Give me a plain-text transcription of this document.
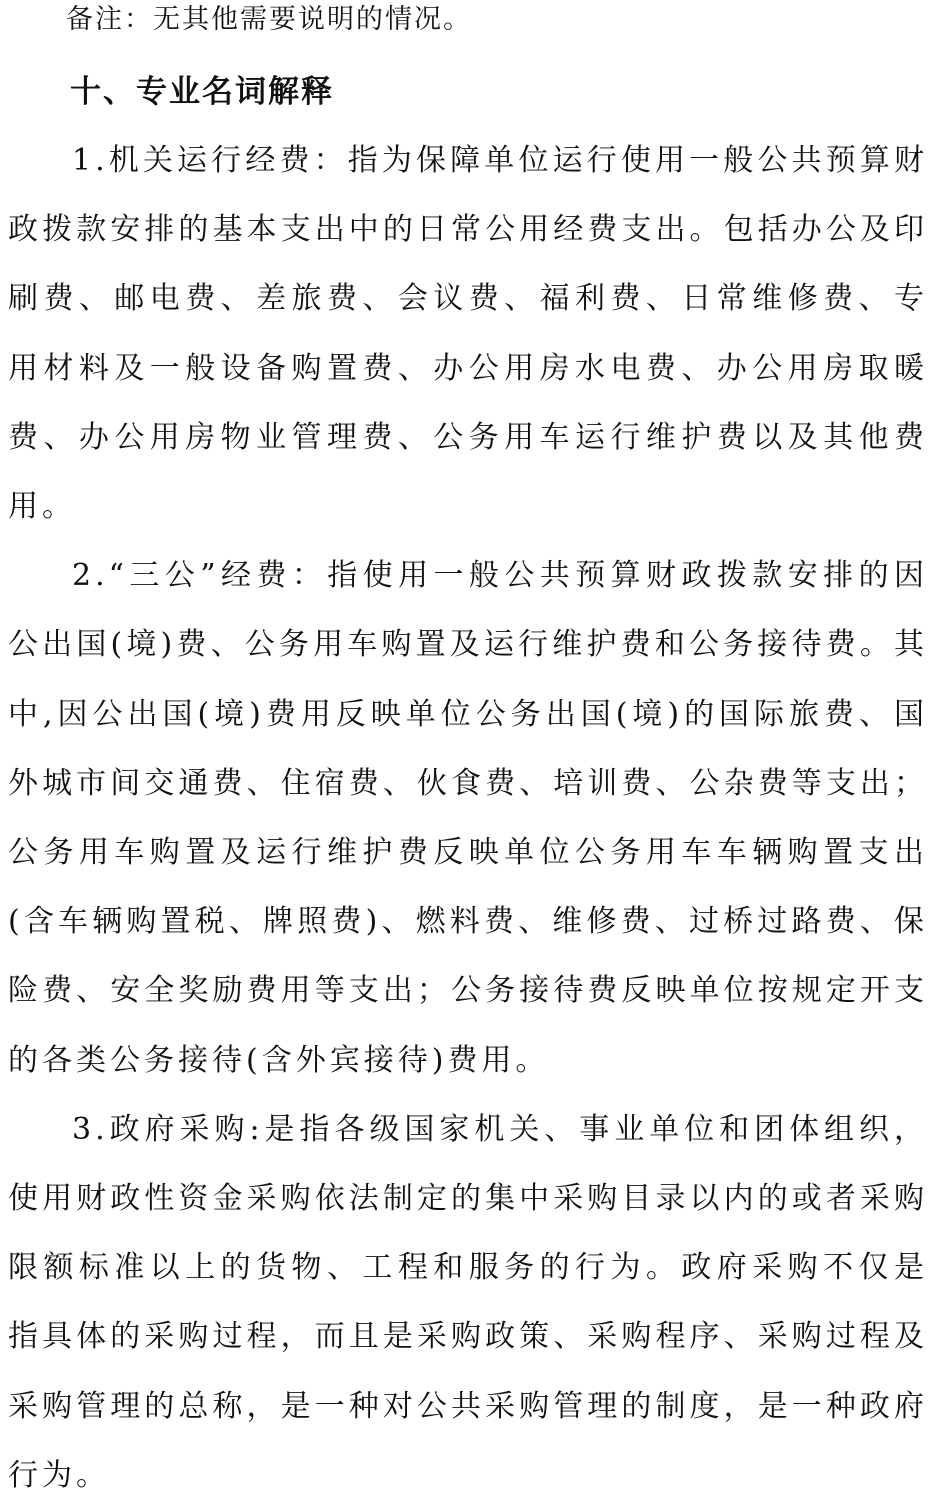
备注：无其他需要说明的情况。
十、专业名词解释

1.机关运行经费：指为保障单位运行使用一般公共预算财政拨款安排的基本支出中的日常公用经费支出。包括办公及印刷费、邮电费、差旅费、会议费、福利费、日常维修费、专 用材料及一般设备购置费、办公用房水电费、办公用房取暖费、办公用房物业管理费、公务用车运行维护费以及其他费用。

2.“三公”经费：指使用一般公共预算财政拨款安排的因公出国(境)费、公务用车购置及运行维护费和公务接待费。其中,因公出国(境)费用反映单位公务出国(境)的国际旅费、国外城市间交通费、住宿费、伙食费、培训费、公杂费等支出；公务用车购置及运行维护费反映单位公务用车车辆购置支出(含车辆购置税、牌照费)、燃料费、维修费、过桥过路费、保险费、安全奖励费用等支出；公务接待费反映单位按规定开支的各类公务接待(含外宾接待)费用。

3.政府采购:是指各级国家机关、事业单位和团体组织，使用财政性资金采购依法制定的集中采购目录以内的或者采购限额标准以上的货物、工程和服务的行为。政府采购不仅是 指具体的采购过程，而且是采购政策、采购程序、采购过程及采购管理的总称，是一种对公共采购管理的制度，是一种政府行为。
